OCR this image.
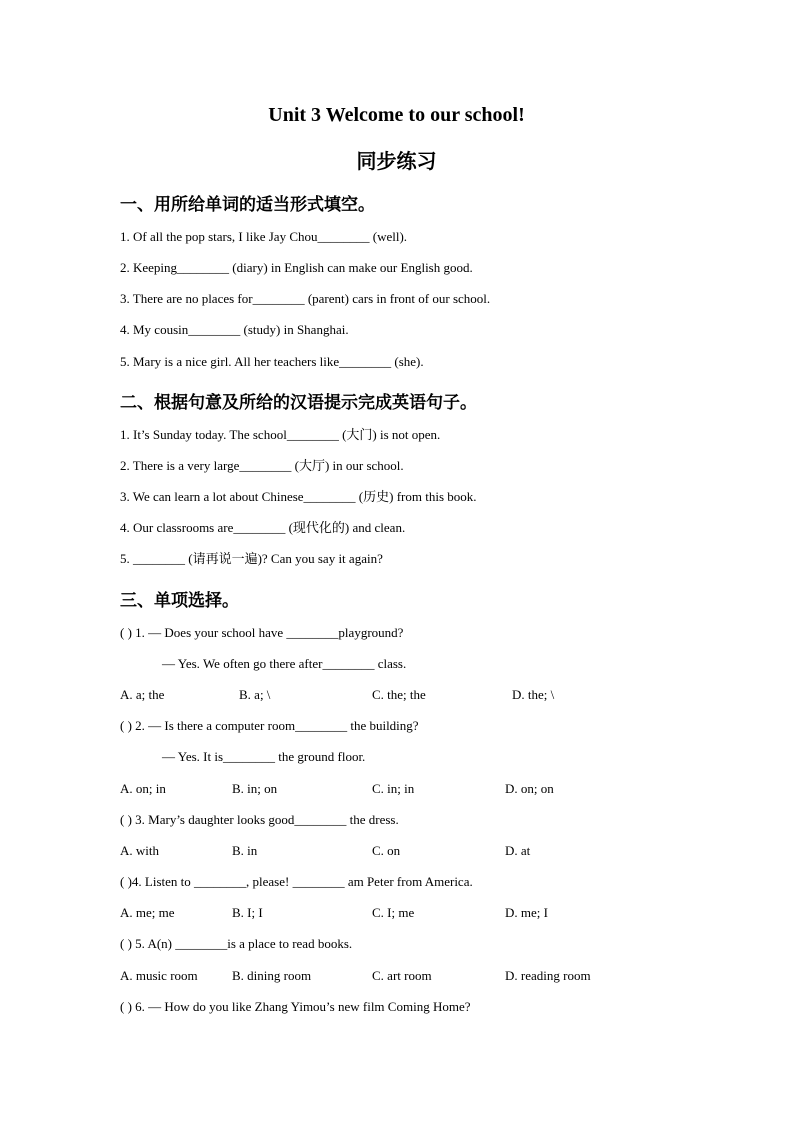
Unit 3 Welcome to our school!
同步练习
一、用所给单词的适当形式填空。

1. Of all the pop stars, I like Jay Chou________ (well).

2. Keeping________ (diary) in English can make our English good.

3. There are no places for________ (parent) cars in front of our school.

4. My cousin________ (study) in Shanghai.

5. Mary is a nice girl. All her teachers like________ (she).

二、根据句意及所给的汉语提示完成英语句子。

1. It’s Sunday today. The school________ (大门) is not open.

2. There is a very large________ (大厅) in our school.

3. We can learn a lot about Chinese________ (历史) from this book.

4. Our classrooms are________ (现代化的) and clean.

5. ________ (请再说一遍)? Can you say it again?

三、单项选择。

( ) 1. — Does your school have ________playground?

— Yes. We often go there after________ class.

A. a; the	B. a; \	C. the; the	D. the; \

( ) 2. — Is there a computer room________ the building?

— Yes. It is________ the ground floor.

A. on; in	B. in; on	C. in; in	D. on; on

( ) 3. Mary’s daughter looks good________ the dress.

A. with	B. in	C. on	D. at

( )4. Listen to ________, please! ________ am Peter from America.

A. me; me	B. I; I	C. I; me	D. me; I

( ) 5. A(n) ________is a place to read books.

A. music room	B. dining room	C. art room	D. reading room

( ) 6. — How do you like Zhang Yimou’s new film Coming Home?
